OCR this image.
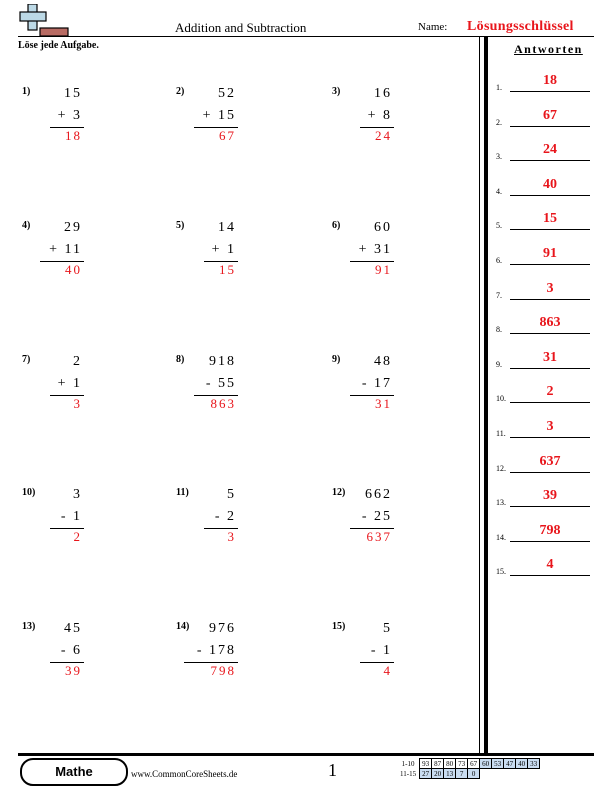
Addition and Subtraction	Name: Lösungsschlüssel
Löse jede Aufgabe.	Antworten
1.	18
2.	67
3.	24
4.	40
5.	15
6.	91
7.	3
8.	863
9.	31
10.	2
11.	3
12.	637
13.	39
14.	798
15.	4
1) 15
+ 3
18
2) 52
+ 15
67
3) 16
+ 8
24
4) 29
+ 11
40
5) 14
+ 1
15
6) 60
+ 31
91
7)	2
+ 1
3
8) 918
- 55
863
9) 48
- 17
31
10)	3
- 1
2
11)	5
- 2
3
12) 662
- 25
637
13) 45
- 6
39
14) 976
- 178
798
15)	5
- 1
4
Mathe	www.CommonCoreSheets.de	1	1-10	93	87	80	73	67	60	53	47	40	33
11-15	27	20	13	7	0					
